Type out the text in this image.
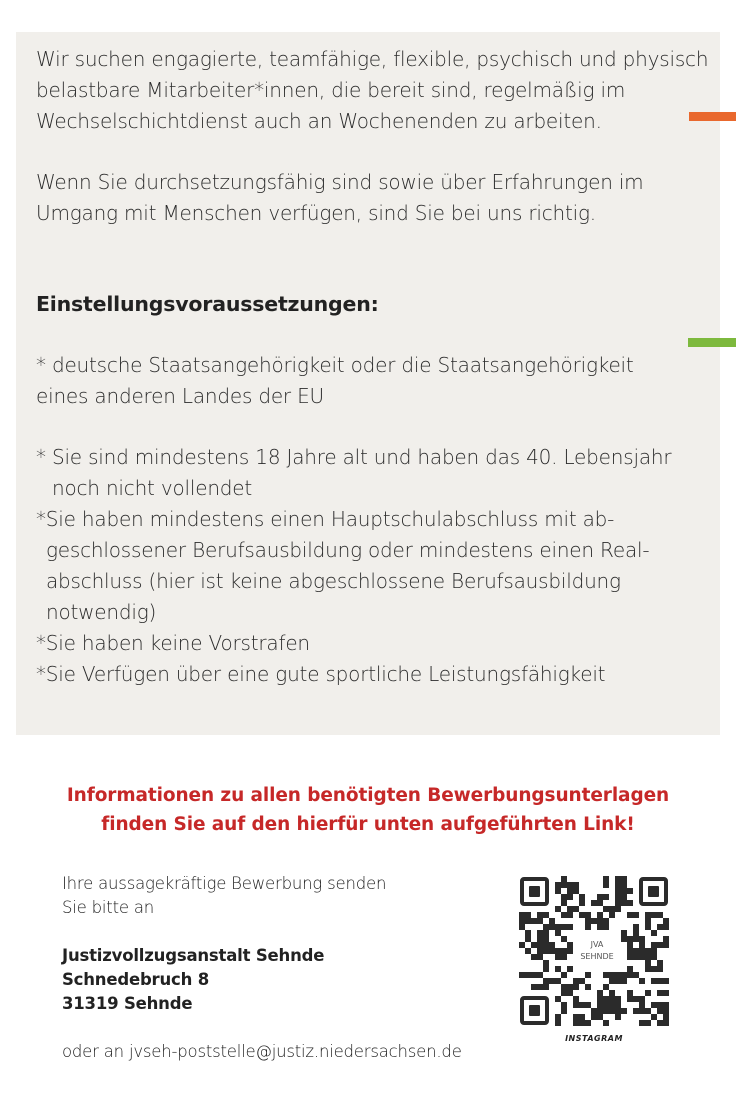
Wir suchen engagierte, teamfähige, flexible, psychisch und physisch

belastbare Mitarbeiter*innen, die bereit sind, regelmäßig im

Wechselschichtdienst auch an Wochenenden zu arbeiten.

Wenn Sie durchsetzungsfähig sind sowie über Erfahrungen im

Umgang mit Menschen verfügen, sind Sie bei uns richtig.

Einstellungsvoraussetzungen:

* deutsche Staatsangehörigkeit oder die Staatsangehörigkeit

eines anderen Landes der EU

* Sie sind mindestens 18 Jahre alt und haben das 40. Lebensjahr

noch nicht vollendet

*Sie haben mindestens einen Hauptschulabschluss mit ab-

geschlossener Berufsausbildung oder mindestens einen Real-

abschluss (hier ist keine abgeschlossene Berufsausbildung

notwendig)

*Sie haben keine Vorstrafen

*Sie Verfügen über eine gute sportliche Leistungsfähigkeit

Informationen zu allen benötigten Bewerbungsunterlagen
finden Sie auf den hierfür unten aufgeführten Link!
Ihre aussagekräftige Bewerbung senden
Sie bitte an
Justizvollzugsanstalt Sehnde
Schnedebruch 8
31319 Sehnde
oder an jvseh-poststelle@justiz.niedersachsen.de
JVA
SEHNDE
INSTAGRAM
